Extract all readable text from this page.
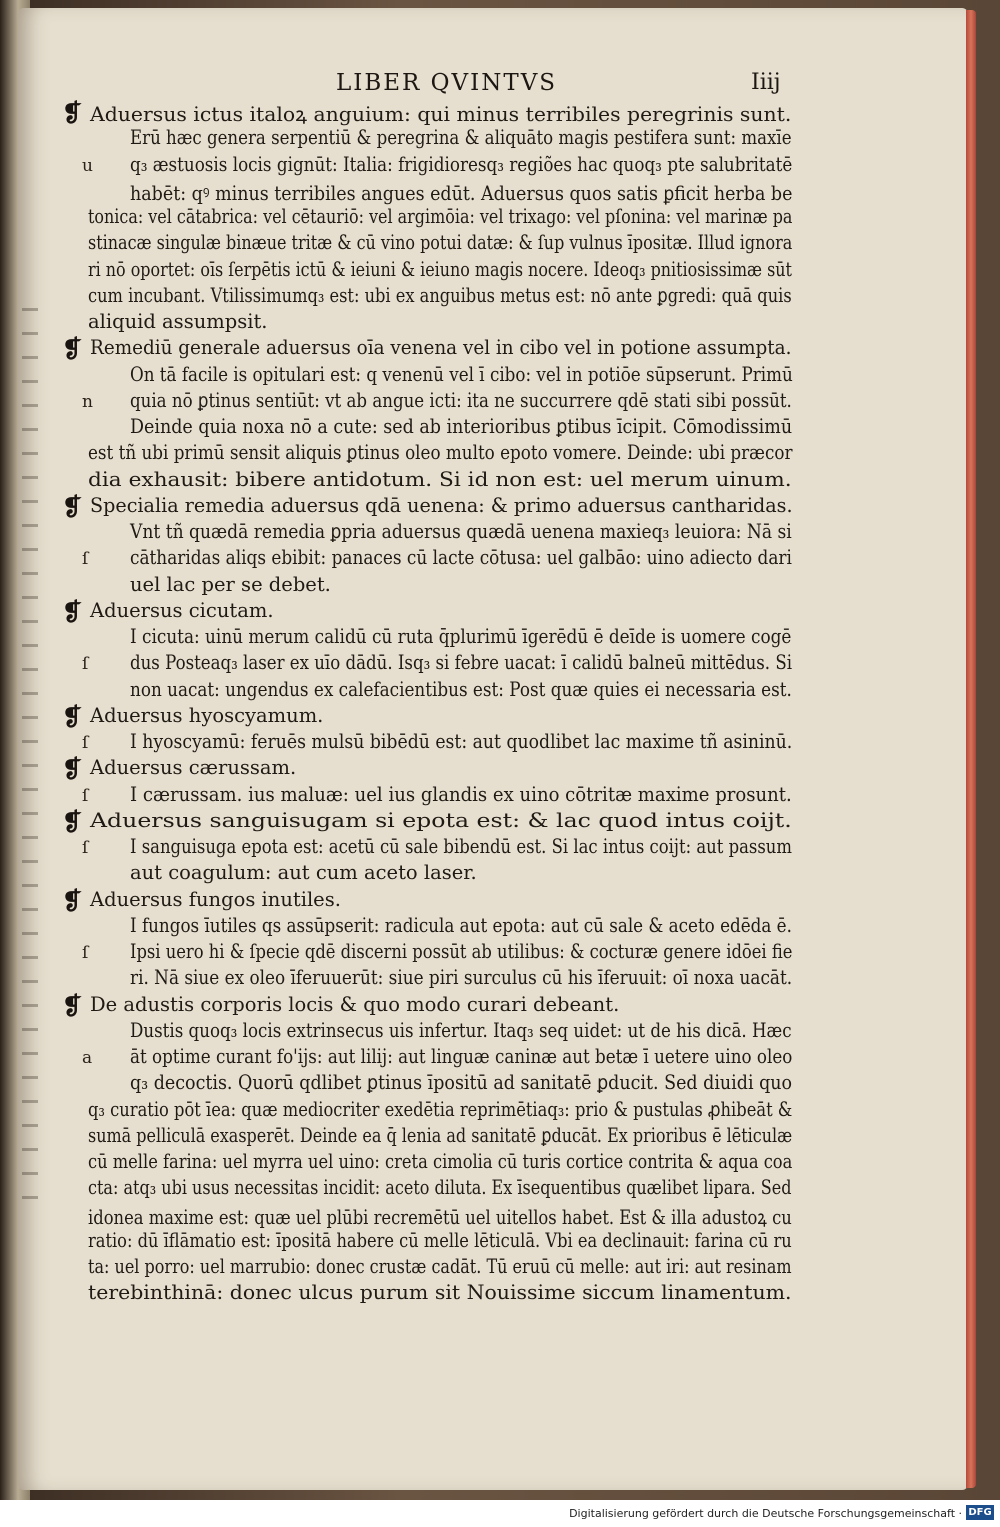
LIBER QVINTVS	Iiij
❡ Aduersus ictus italoꝝ anguium: qui minus terribiles peregrinis sunt.
Erū hæc genera serpentiū & peregrina & aliquāto magis pestifera sunt: maxīe
u q₃ æstuosis locis gignūt: Italia: frigidioresq₃ regiões hac quoq₃ pte salubritatē
habēt: qꝰ minus terribiles angues edūt. Aduersus quos satis ꝑficit herba be
tonica: vel cātabrica: vel cētauriō: vel argimōia: vel trixago: vel pſonina: vel marinæ pa
stinacæ singulæ binæue tritæ & cū vino potui datæ: & ſup vulnus īpositæ. Illud ignora
ri nō oportet: oīs ſerpētis ictū & ieiuni & ieiuno magis nocere. Ideoq₃ pnitiosissimæ sūt
cum incubant. Vtilissimumq₃ est: ubi ex anguibus metus est: nō ante ꝑgredi: quā quis
aliquid assumpsit.
❡ Remediū generale aduersus oīa venena vel in cibo vel in potione assumpta.
On tā facile is opitulari est: q venenū vel ī cibo: vel in potiōe sūpserunt. Primū
n quia nō ꝑtinus sentiūt: vt ab angue icti: ita ne succurrere qdē stati sibi possūt.
Deinde quia noxa nō a cute: sed ab interioribus ꝑtibus īcipit. Cōmodissimū
est tñ ubi primū sensit aliquis ꝑtinus oleo multo epoto vomere. Deinde: ubi præcor
dia exhausit: bibere antidotum. Si id non est: uel merum uinum.
❡ Specialia remedia aduersus qdā uenena: & primo aduersus cantharidas.
Vnt tñ quædā remedia ꝑpria aduersus quædā uenena maxieq₃ leuiora: Nā si
ſ cātharidas aliqs ebibit: panaces cū lacte cōtusa: uel galbāo: uino adiecto dari
uel lac per se debet.
❡ Aduersus cicutam.
I cicuta: uinū merum calidū cū ruta q̄plurimū īgerēdū ē deīde is uomere cogē
ſ dus Posteaq₃ laser ex uīo dādū. Isq₃ si febre uacat: ī calidū balneū mittēdus. Si
non uacat: ungendus ex calefacientibus est: Post quæ quies ei necessaria est.
❡ Aduersus hyoscyamum.
ſ I hyoscyamū: feruēs mulsū bibēdū est: aut quodlibet lac maxime tñ asininū.
❡ Aduersus cærussam.
ſ I cærussam. ius maluæ: uel ius glandis ex uino cōtritæ maxime prosunt.
❡ Aduersus sanguisugam si epota est: & lac quod intus coijt.
ſ I sanguisuga epota est: acetū cū sale bibendū est. Si lac intus coijt: aut passum
aut coagulum: aut cum aceto laser.
❡ Aduersus fungos inutiles.
I fungos īutiles qs assūpserit: radicula aut epota: aut cū sale & aceto edēda ē.
ſ Ipsi uero hi & ſpecie qdē discerni possūt ab utilibus: & cocturæ genere idōei fie
ri. Nā siue ex oleo īferuuerūt: siue piri surculus cū his īferuuit: oī noxa uacāt.
❡ De adustis corporis locis & quo modo curari debeant.
Dustis quoq₃ locis extrinsecus uis infertur. Itaq₃ seq uidet: ut de his dicā. Hæc
a āt optime curant fo'ijs: aut lilij: aut linguæ caninæ aut betæ ī uetere uino oleo
q₃ decoctis. Quorū qdlibet ꝑtinus īpositū ad sanitatē ꝑducit. Sed diuidi quo
q₃ curatio pōt īea: quæ mediocriter exedētia reprimētiaq₃: prio & pustulas ꝓhibeāt &
sumā pelliculā exasperēt. Deinde ea q̄ lenia ad sanitatē ꝑducāt. Ex prioribus ē lēticulæ
cū melle farina: uel myrra uel uino: creta cimolia cū turis cortice contrita & aqua coa
cta: atq₃ ubi usus necessitas incidit: aceto diluta. Ex īsequentibus quælibet lipara. Sed
idonea maxime est: quæ uel plūbi recremētū uel uitellos habet. Est & illa adustoꝝ cu
ratio: dū īflāmatio est: īpositā habere cū melle lēticulā. Vbi ea declinauit: farina cū ru
ta: uel porro: uel marrubio: donec crustæ cadāt. Tū eruū cū melle: aut iri: aut resinam
terebinthinā: donec ulcus purum sit Nouissime siccum linamentum.
Digitalisierung gefördert durch die Deutsche Forschungsgemeinschaft · DFG
